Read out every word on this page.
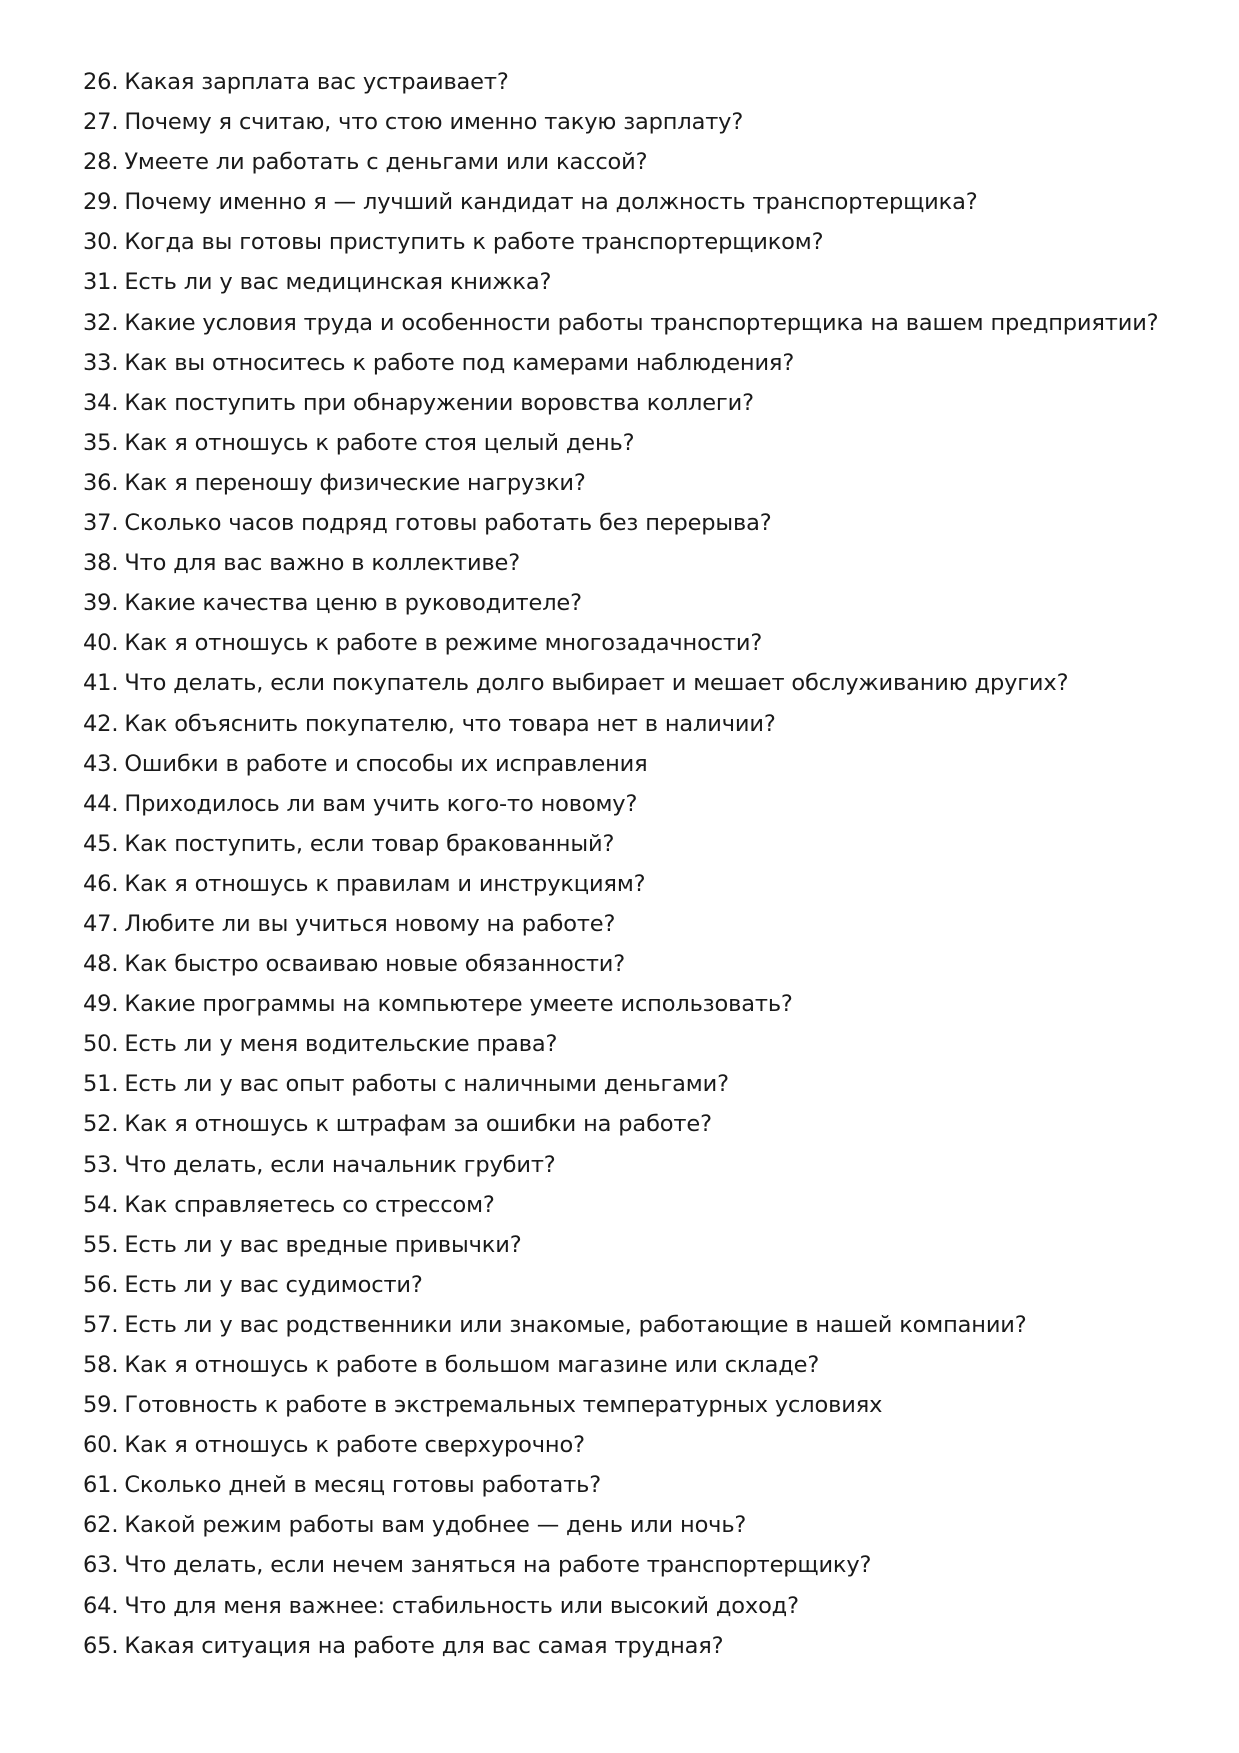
26. Какая зарплата вас устраивает?
27. Почему я считаю, что стою именно такую зарплату?
28. Умеете ли работать с деньгами или кассой?
29. Почему именно я — лучший кандидат на должность транспортерщика?
30. Когда вы готовы приступить к работе транспортерщиком?
31. Есть ли у вас медицинская книжка?
32. Какие условия труда и особенности работы транспортерщика на вашем предприятии?
33. Как вы относитесь к работе под камерами наблюдения?
34. Как поступить при обнаружении воровства коллеги?
35. Как я отношусь к работе стоя целый день?
36. Как я переношу физические нагрузки?
37. Сколько часов подряд готовы работать без перерыва?
38. Что для вас важно в коллективе?
39. Какие качества ценю в руководителе?
40. Как я отношусь к работе в режиме многозадачности?
41. Что делать, если покупатель долго выбирает и мешает обслуживанию других?
42. Как объяснить покупателю, что товара нет в наличии?
43. Ошибки в работе и способы их исправления
44. Приходилось ли вам учить кого-то новому?
45. Как поступить, если товар бракованный?
46. Как я отношусь к правилам и инструкциям?
47. Любите ли вы учиться новому на работе?
48. Как быстро осваиваю новые обязанности?
49. Какие программы на компьютере умеете использовать?
50. Есть ли у меня водительские права?
51. Есть ли у вас опыт работы с наличными деньгами?
52. Как я отношусь к штрафам за ошибки на работе?
53. Что делать, если начальник грубит?
54. Как справляетесь со стрессом?
55. Есть ли у вас вредные привычки?
56. Есть ли у вас судимости?
57. Есть ли у вас родственники или знакомые, работающие в нашей компании?
58. Как я отношусь к работе в большом магазине или складе?
59. Готовность к работе в экстремальных температурных условиях
60. Как я отношусь к работе сверхурочно?
61. Сколько дней в месяц готовы работать?
62. Какой режим работы вам удобнее — день или ночь?
63. Что делать, если нечем заняться на работе транспортерщику?
64. Что для меня важнее: стабильность или высокий доход?
65. Какая ситуация на работе для вас самая трудная?
